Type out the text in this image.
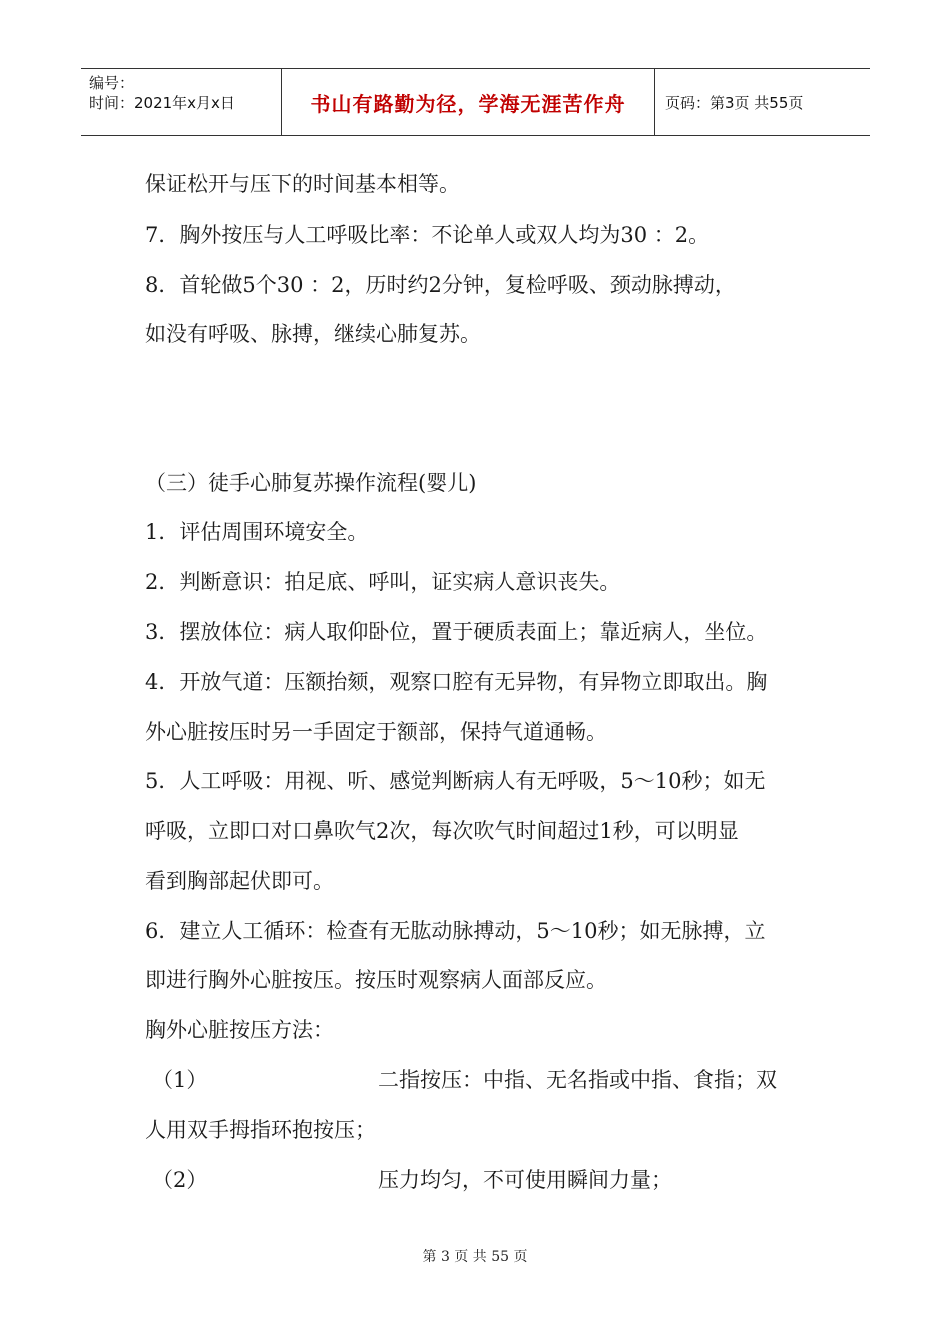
编号：
时间：2021年x月x日	书山有路勤为径，学海无涯苦作舟	页码：第3页 共55页
保证松开与压下的时间基本相等。
7．胸外按压与人工呼吸比率：不论单人或双人均为30 ：2。
8．首轮做5个30 ：2，历时约2分钟，复检呼吸、颈动脉搏动，
如没有呼吸、脉搏，继续心肺复苏。
（三）徒手心肺复苏操作流程(婴儿)
1．评估周围环境安全。
2．判断意识：拍足底、呼叫，证实病人意识丧失。
3．摆放体位：病人取仰卧位，置于硬质表面上；靠近病人，坐位。
4．开放气道：压额抬颏，观察口腔有无异物，有异物立即取出。胸
外心脏按压时另一手固定于额部，保持气道通畅。
5．人工呼吸：用视、听、感觉判断病人有无呼吸，5～10秒；如无
呼吸，立即口对口鼻吹气2次，每次吹气时间超过1秒，可以明显
看到胸部起伏即可。
6．建立人工循环：检查有无肱动脉搏动，5～10秒；如无脉搏，立
即进行胸外心脏按压。按压时观察病人面部反应。
胸外心脏按压方法：
（1）	二指按压：中指、无名指或中指、食指；双
人用双手拇指环抱按压；
（2）	压力均匀，不可使用瞬间力量；
第 3 页 共 55 页
